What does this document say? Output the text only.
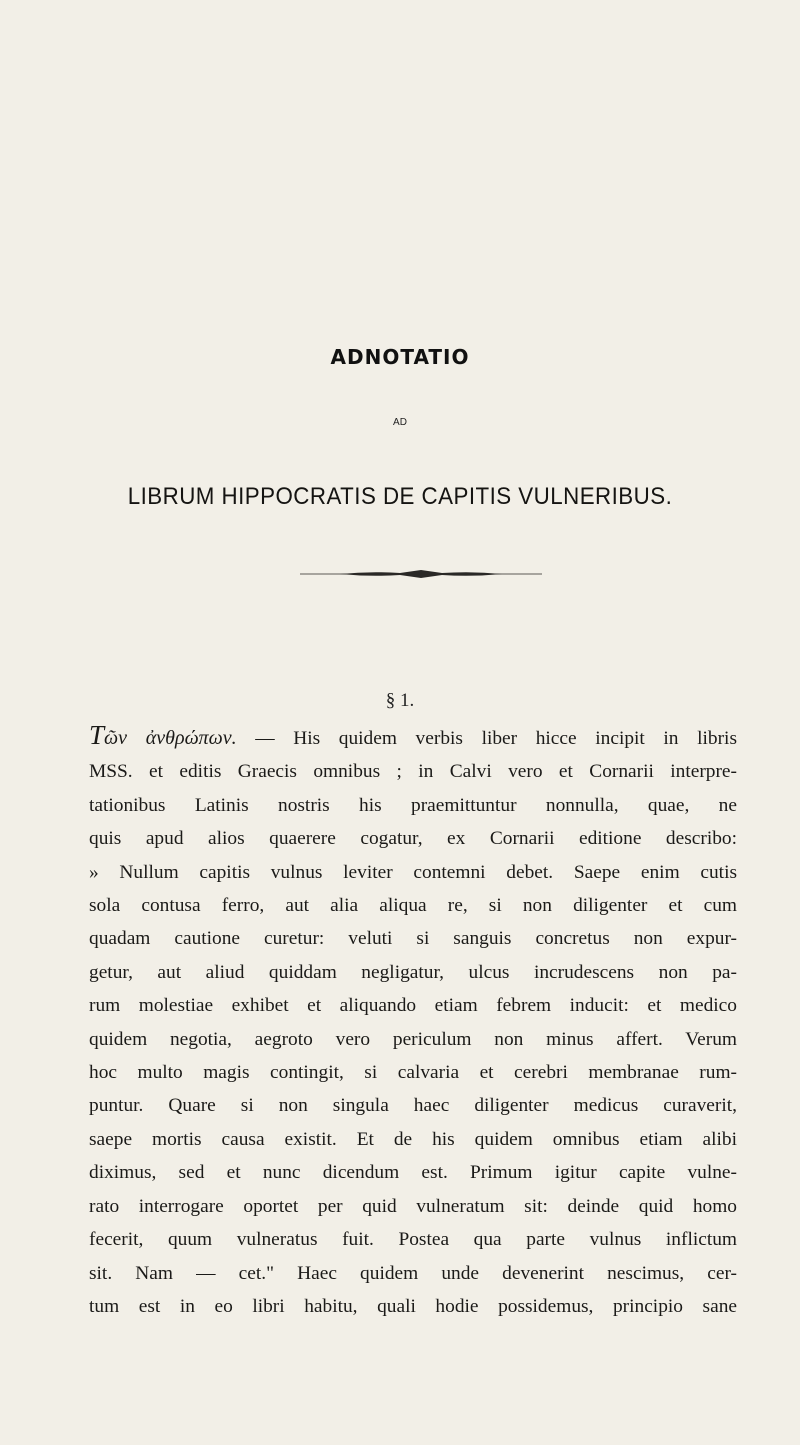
ADNOTATIO
AD
LIBRUM HIPPOCRATIS DE CAPITIS VULNERIBUS.
§ 1.
Tῶν ἀνθρώπων. — His quidem verbis liber hicce incipit in libris
MSS. et editis Graecis omnibus ; in Calvi vero et Cornarii interpre-
tationibus Latinis nostris his praemittuntur nonnulla, quae, ne
quis apud alios quaerere cogatur, ex Cornarii editione describo:
» Nullum capitis vulnus leviter contemni debet. Saepe enim cutis
sola contusa ferro, aut alia aliqua re, si non diligenter et cum
quadam cautione curetur: veluti si sanguis concretus non expur-
getur, aut aliud quiddam negligatur, ulcus incrudescens non pa-
rum molestiae exhibet et aliquando etiam febrem inducit: et medico
quidem negotia, aegroto vero periculum non minus affert. Verum
hoc multo magis contingit, si calvaria et cerebri membranae rum-
puntur. Quare si non singula haec diligenter medicus curaverit,
saepe mortis causa existit. Et de his quidem omnibus etiam alibi
diximus, sed et nunc dicendum est. Primum igitur capite vulne-
rato interrogare oportet per quid vulneratum sit: deinde quid homo
fecerit, quum vulneratus fuit. Postea qua parte vulnus inflictum
sit. Nam — cet." Haec quidem unde devenerint nescimus, cer-
tum est in eo libri habitu, quali hodie possidemus, principio sane
